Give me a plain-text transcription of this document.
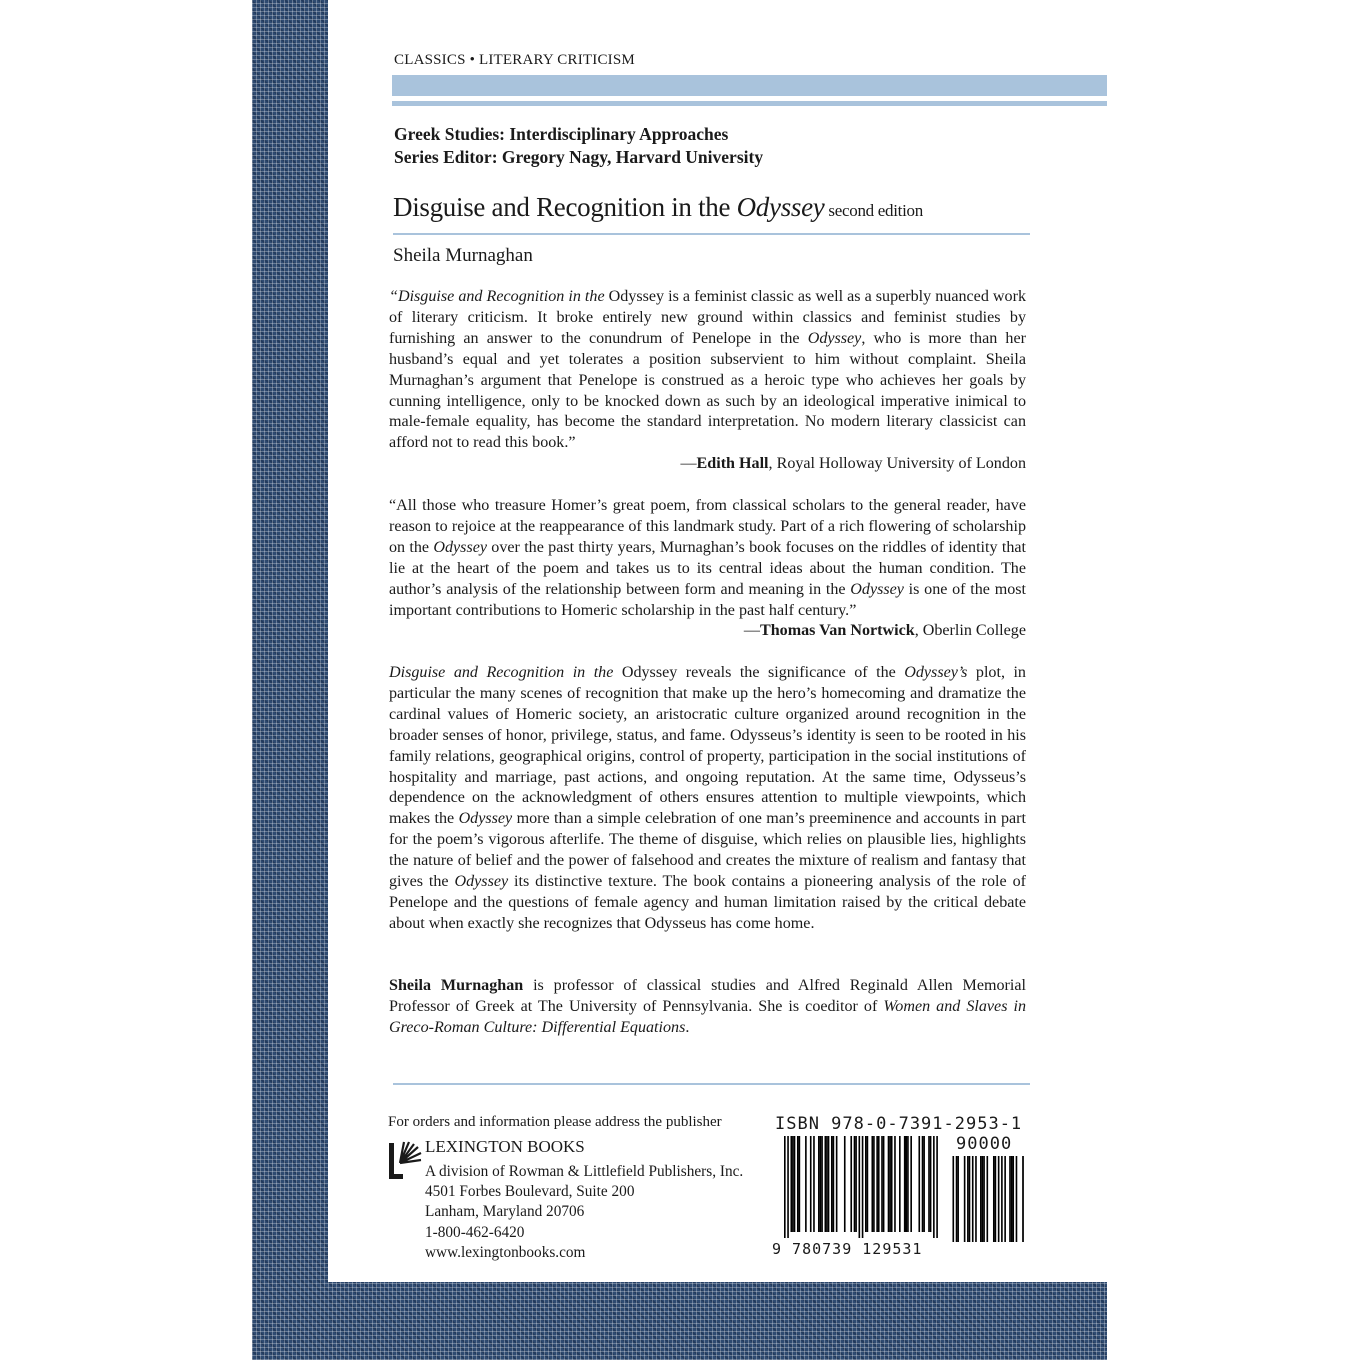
CLASSICS • LITERARY CRITICISM
Greek Studies: Interdisciplinary Approaches
Series Editor: Gregory Nagy, Harvard University
Disguise and Recognition in the Odyssey second edition
Sheila Murnaghan
“Disguise and Recognition in the Odyssey is a feminist classic as well as a superbly nuanced work of literary criticism. It broke entirely new ground within classics and feminist studies by furnishing an answer to the conundrum of Penelope in the Odyssey, who is more than her husband’s equal and yet tolerates a position subservient to him without complaint. Sheila Murnaghan’s argument that Penelope is construed as a heroic type who achieves her goals by cunning intelligence, only to be knocked down as such by an ideological imperative inimical to male-female equality, has become the standard interpretation. No modern literary classicist can afford not to read this book.”
—Edith Hall, Royal Holloway University of London
“All those who treasure Homer’s great poem, from classical scholars to the general reader, have reason to rejoice at the reappearance of this landmark study. Part of a rich flowering of scholarship on the Odyssey over the past thirty years, Murnaghan’s book focuses on the riddles of identity that lie at the heart of the poem and takes us to its central ideas about the human condition. The author’s analysis of the relationship between form and meaning in the Odyssey is one of the most important contributions to Homeric scholarship in the past half century.”
—Thomas Van Nortwick, Oberlin College
Disguise and Recognition in the Odyssey reveals the significance of the Odyssey’s plot, in particular the many scenes of recognition that make up the hero’s homecoming and dramatize the cardinal values of Homeric society, an aristocratic culture organized around recognition in the broader senses of honor, privilege, status, and fame. Odysseus’s identity is seen to be rooted in his family relations, geographical origins, control of property, participation in the social institutions of hospitality and marriage, past actions, and ongoing reputation. At the same time, Odysseus’s dependence on the acknowledgment of others ensures attention to multiple viewpoints, which makes the Odyssey more than a simple celebration of one man’s preeminence and accounts in part for the poem’s vigorous afterlife. The theme of disguise, which relies on plausible lies, highlights the nature of belief and the power of falsehood and creates the mixture of realism and fantasy that gives the Odyssey its distinctive texture. The book contains a pioneering analysis of the role of Penelope and the questions of female agency and human limitation raised by the critical debate about when exactly she recognizes that Odysseus has come home.
Sheila Murnaghan is professor of classical studies and Alfred Reginald Allen Memorial Professor of Greek at The University of Pennsylvania. She is coeditor of Women and Slaves in Greco-Roman Culture: Differential Equations.
For orders and information please address the publisher
LEXINGTON BOOKS
A division of Rowman & Littlefield Publishers, Inc.
4501 Forbes Boulevard, Suite 200
Lanham, Maryland 20706
1-800-462-6420
www.lexingtonbooks.com
ISBN 978-0-7391-2953-1
90000
9 780739 129531
